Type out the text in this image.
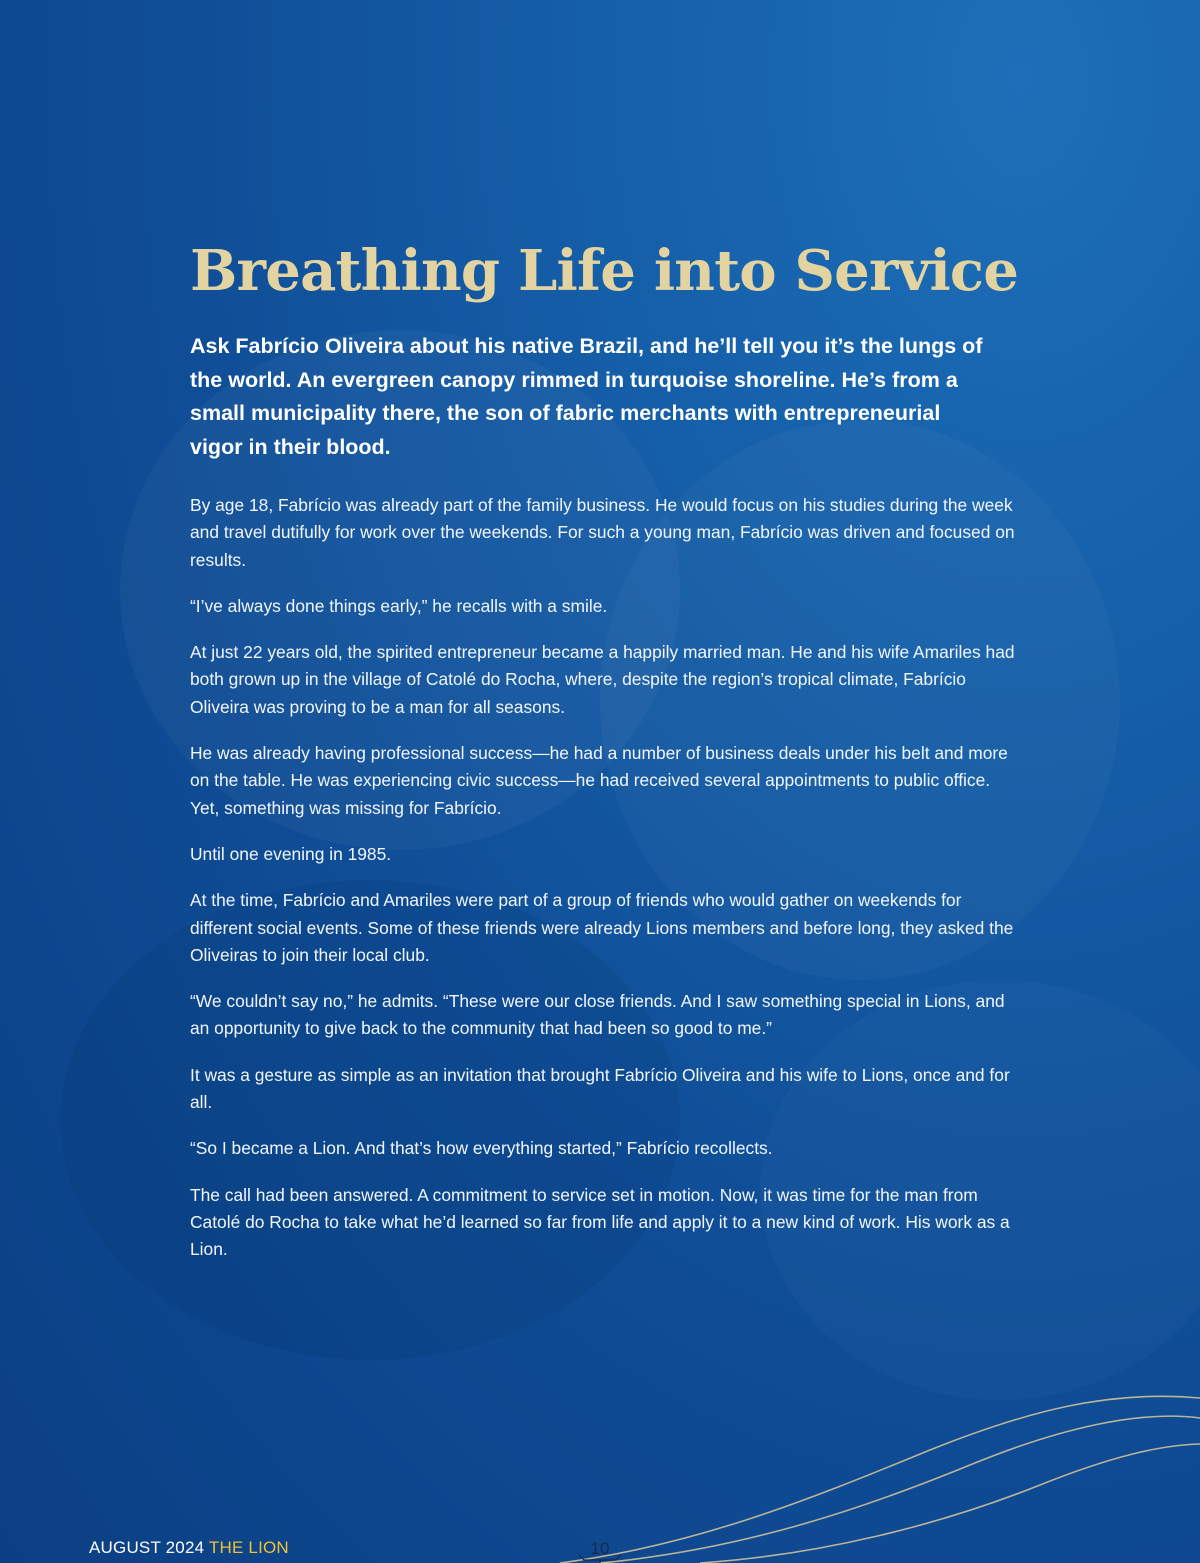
Breathing Life into Service

Ask Fabrício Oliveira about his native Brazil, and he’ll tell you it’s the lungs of the world. An evergreen canopy rimmed in turquoise shoreline. He’s from a small municipality there, the son of fabric merchants with entrepreneurial vigor in their blood.

By age 18, Fabrício was already part of the family business. He would focus on his studies during the week and travel dutifully for work over the weekends. For such a young man, Fabrício was driven and focused on results.

“I’ve always done things early,” he recalls with a smile.

At just 22 years old, the spirited entrepreneur became a happily married man. He and his wife Amariles had both grown up in the village of Catolé do Rocha, where, despite the region’s tropical climate, Fabrício Oliveira was proving to be a man for all seasons.

He was already having professional success—he had a number of business deals under his belt and more on the table. He was experiencing civic success—he had received several appointments to public office. Yet, something was missing for Fabrício.

Until one evening in 1985.

At the time, Fabrício and Amariles were part of a group of friends who would gather on weekends for different social events. Some of these friends were already Lions members and before long, they asked the Oliveiras to join their local club.

“We couldn’t say no,” he admits. “These were our close friends. And I saw something special in Lions, and an opportunity to give back to the community that had been so good to me.”

It was a gesture as simple as an invitation that brought Fabrício Oliveira and his wife to Lions, once and for all.

“So I became a Lion. And that’s how everything started,” Fabrício recollects.

The call had been answered. A commitment to service set in motion. Now, it was time for the man from Catolé do Rocha to take what he’d learned so far from life and apply it to a new kind of work. His work as a Lion.

AUGUST 2024 THE LION	10
